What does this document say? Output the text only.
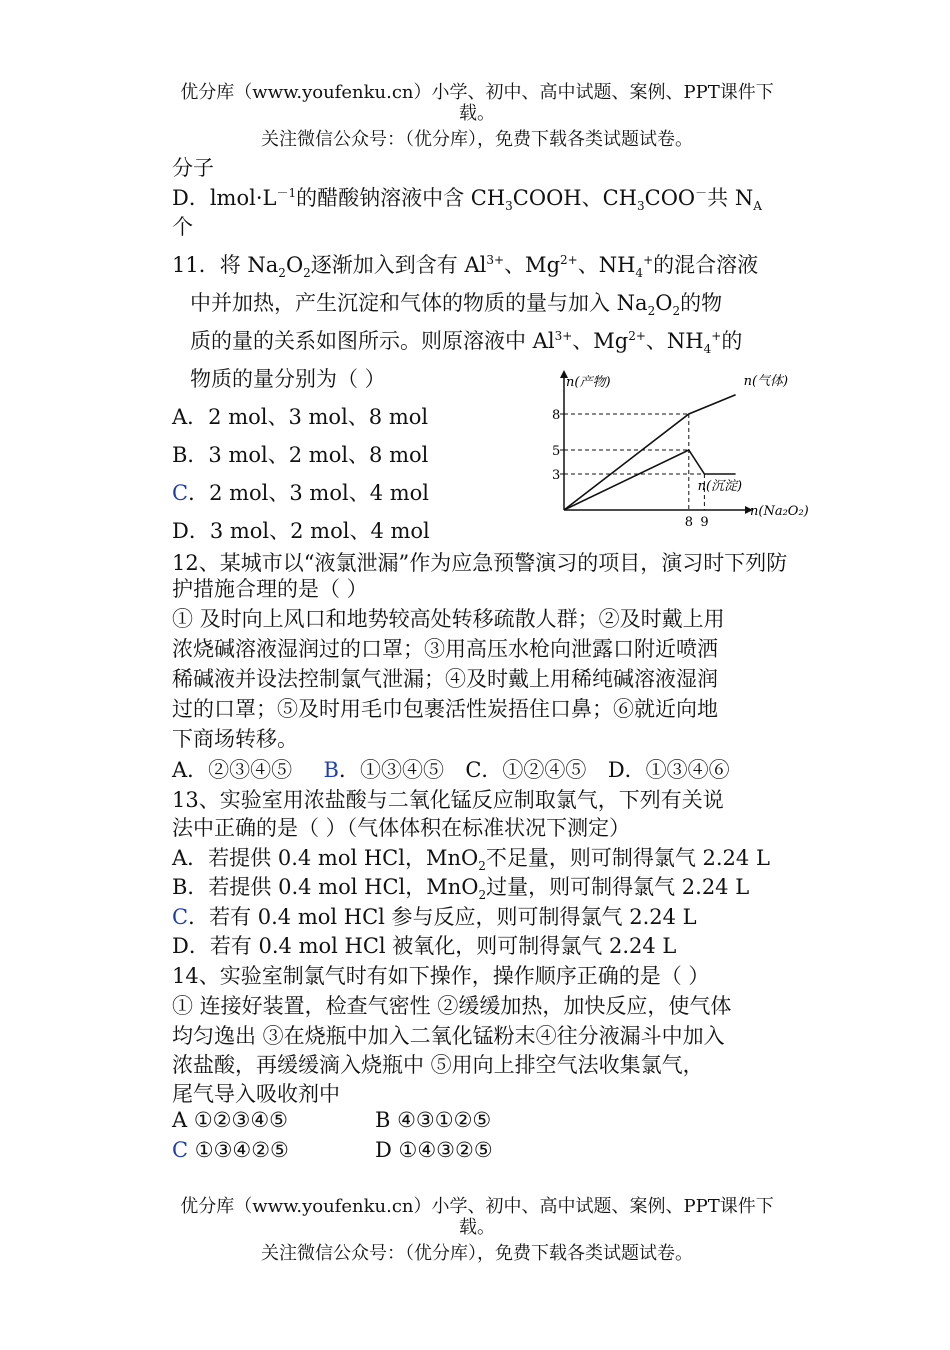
优分库（www.youfenku.cn）小学、初中、高中试题、案例、PPT课件下载。
关注微信公众号：（优分库），免费下载各类试题试卷。
分子
D．$lmol\cdot L^{-1}$的醋酸钠溶液中含 $CH_3COOH$、$CH_3COO^-$共 $N_A$
个
11．将 $Na_2O_2$逐渐加入到含有 $Al^{3+}$、$Mg^{2+}$、$NH_4^+$的混合溶液
中并加热，产生沉淀和气体的物质的量与加入 $Na_2O_2$的物
质的量的关系如图所示。则原溶液中 $Al^{3+}$、$Mg^{2+}$、$NH_4^+$的
物质的量分别为（ ）
A．2 mol、3 mol、8 mol
B．3 mol、2 mol、8 mol
C．2 mol、3 mol、4 mol
D．3 mol、2 mol、4 mol
n(产物)
n(Na₂O₂)
3
5
8
8 9
n(气体)
n(沉淀)
12、某城市以“液氯泄漏”作为应急预警演习的项目，演习时下列防
护措施合理的是（ ）
① 及时向上风口和地势较高处转移疏散人群；②及时戴上用
浓烧碱溶液湿润过的口罩；③用高压水枪向泄露口附近喷洒
稀碱液并设法控制氯气泄漏；④及时戴上用稀纯碱溶液湿润
过的口罩；⑤及时用毛巾包裹活性炭捂住口鼻；⑥就近向地
下商场转移。
A．②③④⑤ B．①③④⑤ C．①②④⑤ D．①③④⑥
13、实验室用浓盐酸与二氧化锰反应制取氯气，下列有关说
法中正确的是（ ）（气体体积在标准状况下测定）
A．若提供 0.4 mol HCl，MnO$_2$不足量，则可制得氯气 2.24 L
B．若提供 0.4 mol HCl，MnO$_2$过量，则可制得氯气 2.24 L
C．若有 0.4 mol HCl 参与反应，则可制得氯气 2.24 L
D．若有 0.4 mol HCl 被氧化，则可制得氯气 2.24 L
14、实验室制氯气时有如下操作，操作顺序正确的是（ ）
① 连接好装置，检查气密性 ②缓缓加热，加快反应，使气体
均匀逸出 ③在烧瓶中加入二氧化锰粉末④往分液漏斗中加入
浓盐酸，再缓缓滴入烧瓶中 ⑤用向上排空气法收集氯气，
尾气导入吸收剂中
A ①②③④⑤	B ④③①②⑤
C ①③④②⑤	D ①④③②⑤
优分库（www.youfenku.cn）小学、初中、高中试题、案例、PPT课件下载。
关注微信公众号：（优分库），免费下载各类试题试卷。
